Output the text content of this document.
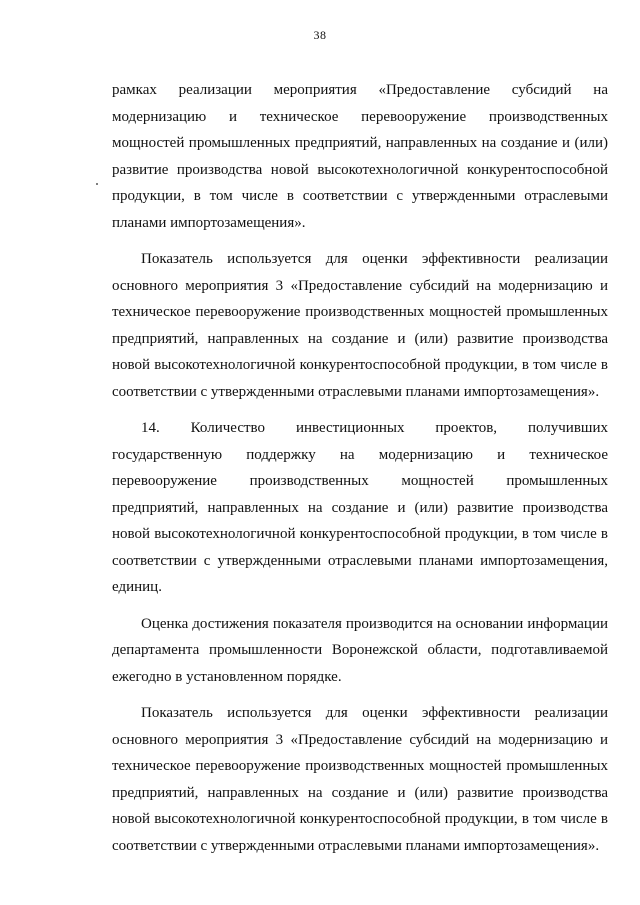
38

рамках реализации мероприятия «Предоставление субсидий на модернизацию и техническое перевооружение производственных мощностей промышленных предприятий, направленных на создание и (или) развитие производства новой высокотехнологичной конкурентоспособной продукции, в том числе в соответствии с утвержденными отраслевыми планами импортозамещения».

Показатель используется для оценки эффективности реализации основного мероприятия 3 «Предоставление субсидий на модернизацию и техническое перевооружение производственных мощностей промышленных предприятий, направленных на создание и (или) развитие производства новой высокотехнологичной конкурентоспособной продукции, в том числе в соответствии с утвержденными отраслевыми планами импортозамещения».

14. Количество инвестиционных проектов, получивших государственную поддержку на модернизацию и техническое перевооружение производственных мощностей промышленных предприятий, направленных на создание и (или) развитие производства новой высокотехнологичной конкурентоспособной продукции, в том числе в соответствии с утвержденными отраслевыми планами импортозамещения, единиц.

Оценка достижения показателя производится на основании информации департамента промышленности Воронежской области, подготавливаемой ежегодно в установленном порядке.

Показатель используется для оценки эффективности реализации основного мероприятия 3 «Предоставление субсидий на модернизацию и техническое перевооружение производственных мощностей промышленных предприятий, направленных на создание и (или) развитие производства новой высокотехнологичной конкурентоспособной продукции, в том числе в соответствии с утвержденными отраслевыми планами импортозамещения».
